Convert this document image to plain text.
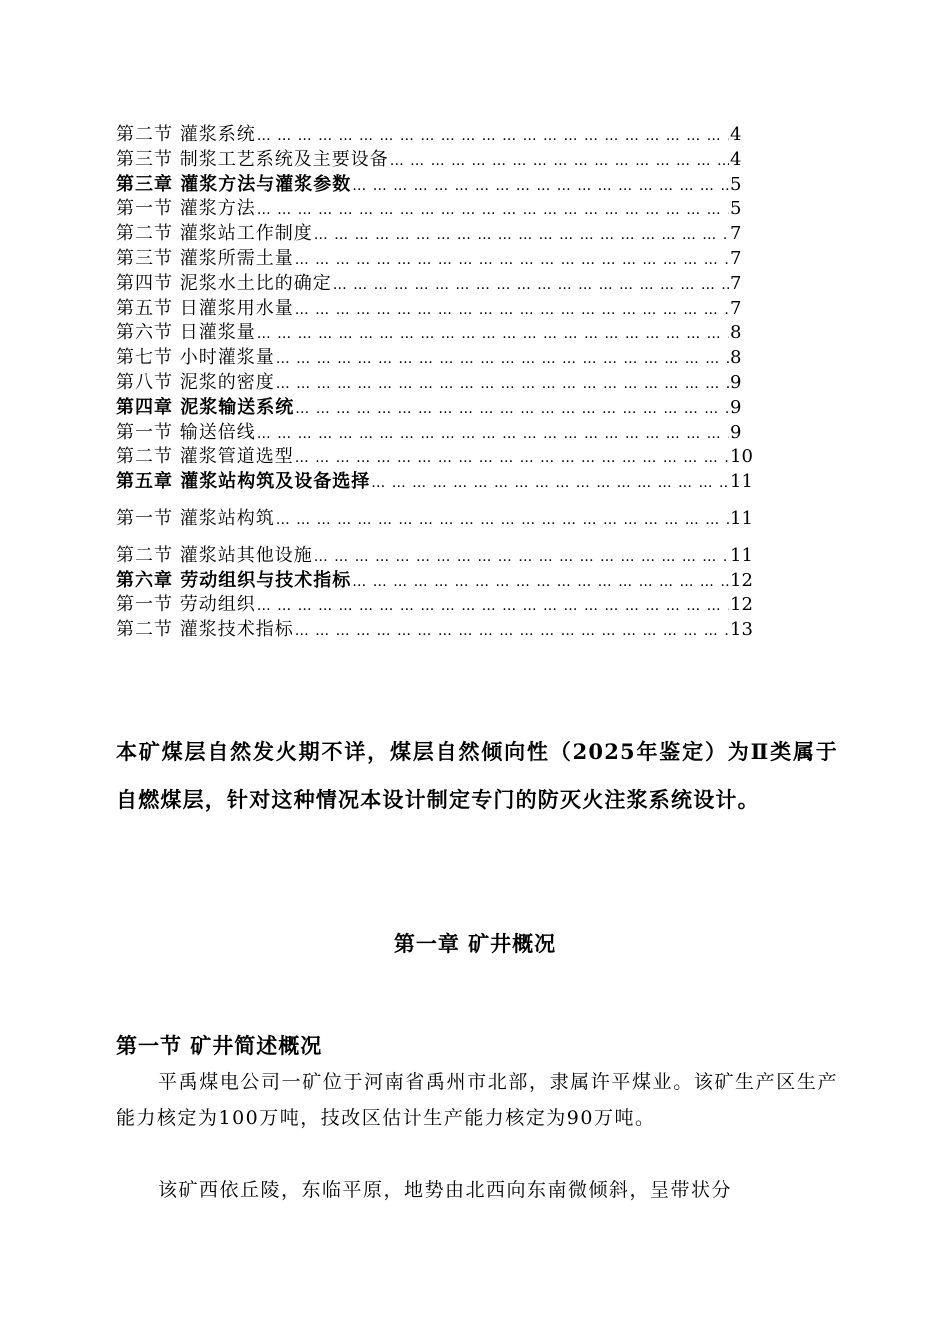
第二节 灌浆系统 … … … … … … … … … … … … … … … … … … … … … … … … … … … … … … … … … … … … … … … … … … … … … …	4
第三节 制浆工艺系统及主要设备 … … … … … … … … … … … … … … … … … … … … … … … … … … … … … … … … … … … … … … … … … … … … … …	4
第三章 灌浆方法与灌浆参数 … … … … … … … … … … … … … … … … … … … … … … … … … … … … … … … … … … … … … … … … … … … … … …	5
第一节 灌浆方法 … … … … … … … … … … … … … … … … … … … … … … … … … … … … … … … … … … … … … … … … … … … … … …	5
第二节 灌浆站工作制度 … … … … … … … … … … … … … … … … … … … … … … … … … … … … … … … … … … … … … … … … … … … … … …	7
第三节 灌浆所需土量 … … … … … … … … … … … … … … … … … … … … … … … … … … … … … … … … … … … … … … … … … … … … … …	7
第四节 泥浆水土比的确定 … … … … … … … … … … … … … … … … … … … … … … … … … … … … … … … … … … … … … … … … … … … … … …	7
第五节 日灌浆用水量 … … … … … … … … … … … … … … … … … … … … … … … … … … … … … … … … … … … … … … … … … … … … … …	7
第六节 日灌浆量 … … … … … … … … … … … … … … … … … … … … … … … … … … … … … … … … … … … … … … … … … … … … … …	8
第七节 小时灌浆量 … … … … … … … … … … … … … … … … … … … … … … … … … … … … … … … … … … … … … … … … … … … … … …	8
第八节 泥浆的密度 … … … … … … … … … … … … … … … … … … … … … … … … … … … … … … … … … … … … … … … … … … … … … …	9
第四章 泥浆输送系统 … … … … … … … … … … … … … … … … … … … … … … … … … … … … … … … … … … … … … … … … … … … … … …	9
第一节 输送倍线 … … … … … … … … … … … … … … … … … … … … … … … … … … … … … … … … … … … … … … … … … … … … … …	9
第二节 灌浆管道选型 … … … … … … … … … … … … … … … … … … … … … … … … … … … … … … … … … … … … … … … … … … … … … …	10
第五章 灌浆站构筑及设备选择 … … … … … … … … … … … … … … … … … … … … … … … … … … … … … … … … … … … … … … … … … … … … … …	11
第一节 灌浆站构筑 … … … … … … … … … … … … … … … … … … … … … … … … … … … … … … … … … … … … … … … … … … … … … …	11
第二节 灌浆站其他设施 … … … … … … … … … … … … … … … … … … … … … … … … … … … … … … … … … … … … … … … … … … … … … …	11
第六章 劳动组织与技术指标 … … … … … … … … … … … … … … … … … … … … … … … … … … … … … … … … … … … … … … … … … … … … … …	12
第一节 劳动组织 … … … … … … … … … … … … … … … … … … … … … … … … … … … … … … … … … … … … … … … … … … … … … …	12
第二节 灌浆技术指标 … … … … … … … … … … … … … … … … … … … … … … … … … … … … … … … … … … … … … … … … … … … … … …	13
本矿煤层自然发火期不详，煤层自然倾向性（2025年鉴定）为Ⅱ类属于自燃煤层，针对这种情况本设计制定专门的防灭火注浆系统设计。
第一章 矿井概况
第一节 矿井简述概况
平禹煤电公司一矿位于河南省禹州市北部，隶属许平煤业。该矿生产区生产能力核定为100万吨，技改区估计生产能力核定为90万吨。
该矿西依丘陵，东临平原，地势由北西向东南微倾斜，呈带状分
